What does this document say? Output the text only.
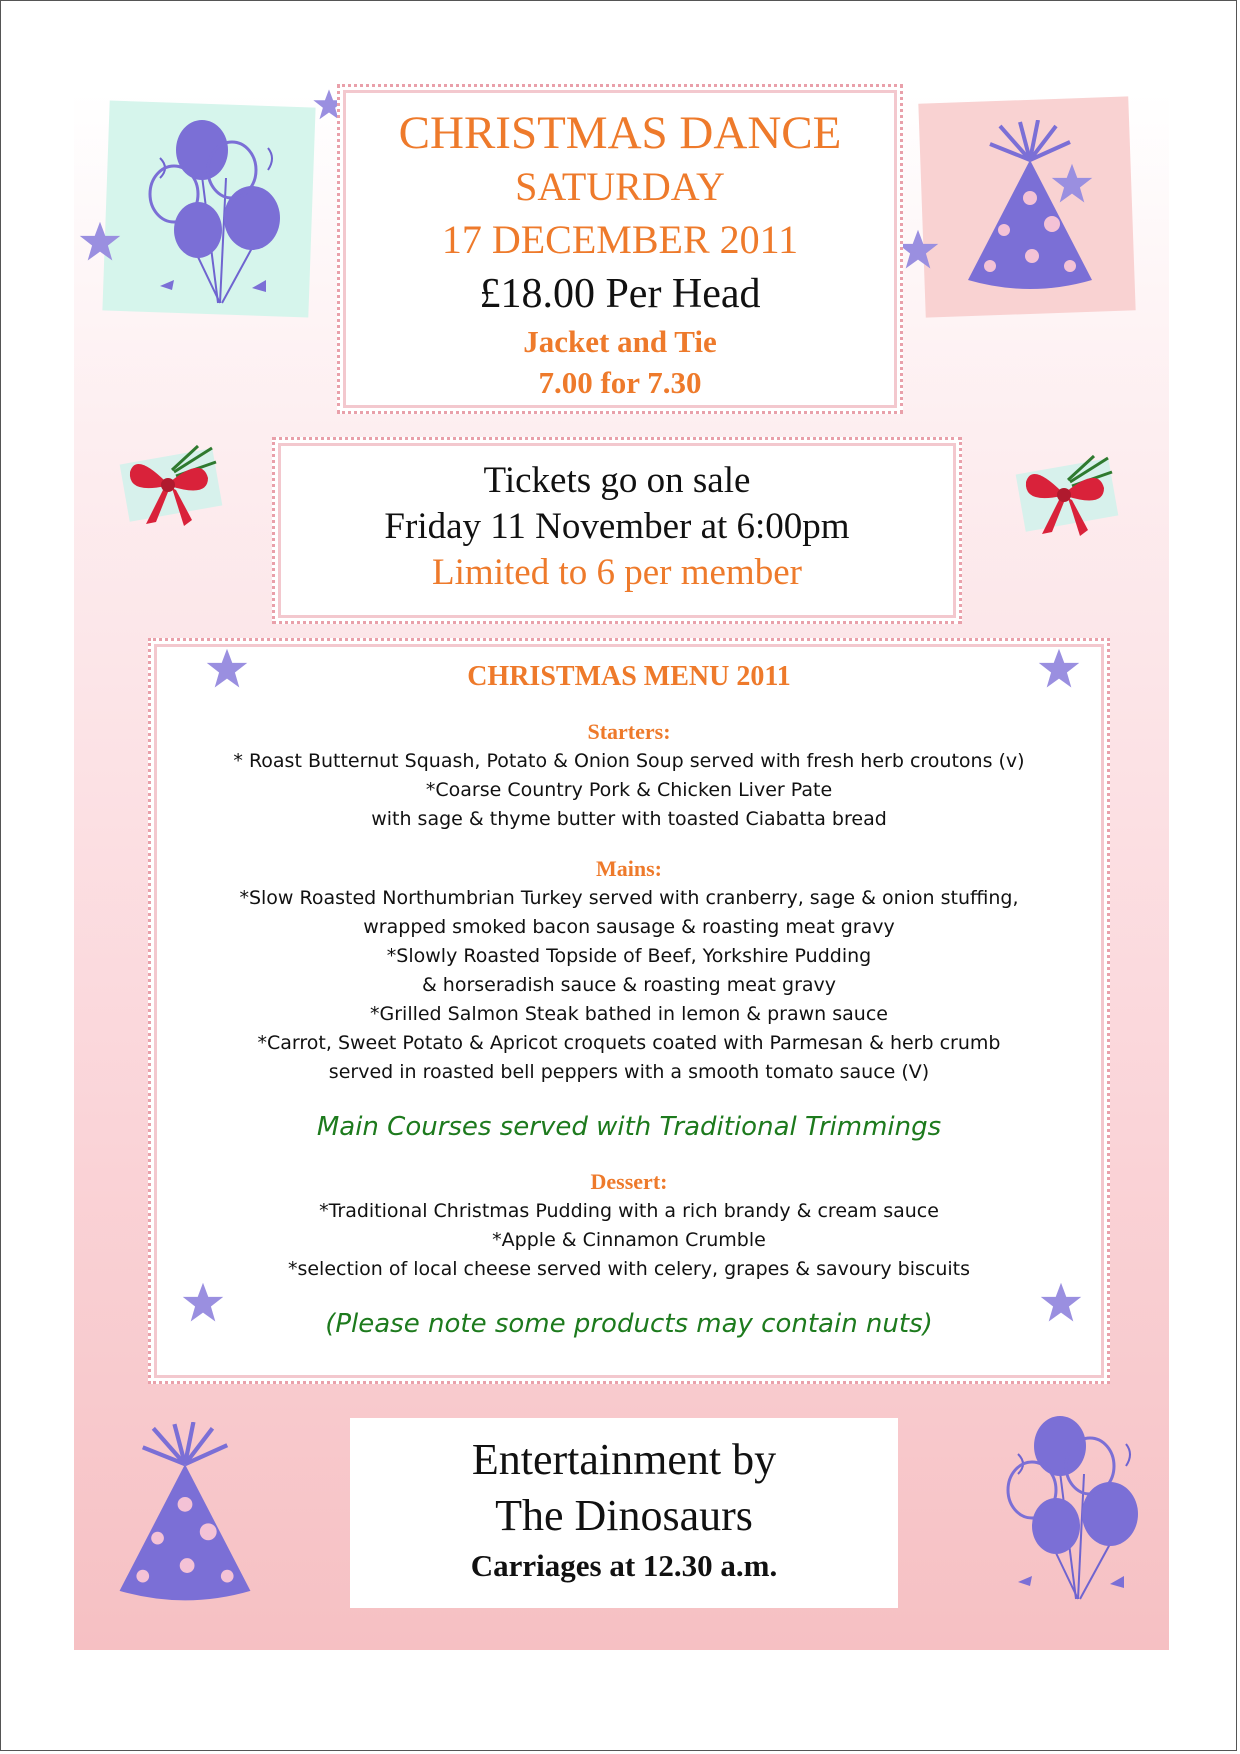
CHRISTMAS DANCE
SATURDAY
17 DECEMBER 2011
£18.00 Per Head
Jacket and Tie
7.00 for 7.30
Tickets go on sale
Friday 11 November at 6:00pm
Limited to 6 per member
CHRISTMAS MENU 2011
Starters:
* Roast Butternut Squash, Potato & Onion Soup served with fresh herb croutons (v)
*Coarse Country Pork & Chicken Liver Pate
with sage & thyme butter with toasted Ciabatta bread
Mains:
*Slow Roasted Northumbrian Turkey served with cranberry, sage & onion stuffing,
wrapped smoked bacon sausage & roasting meat gravy
*Slowly Roasted Topside of Beef, Yorkshire Pudding
& horseradish sauce & roasting meat gravy
*Grilled Salmon Steak bathed in lemon & prawn sauce
*Carrot, Sweet Potato & Apricot croquets coated with Parmesan & herb crumb
served in roasted bell peppers with a smooth tomato sauce (V)
Main Courses served with Traditional Trimmings
Dessert:
*Traditional Christmas Pudding with a rich brandy & cream sauce
*Apple & Cinnamon Crumble
*selection of local cheese served with celery, grapes & savoury biscuits
(Please note some products may contain nuts)
Entertainment by
The Dinosaurs
Carriages at 12.30 a.m.
